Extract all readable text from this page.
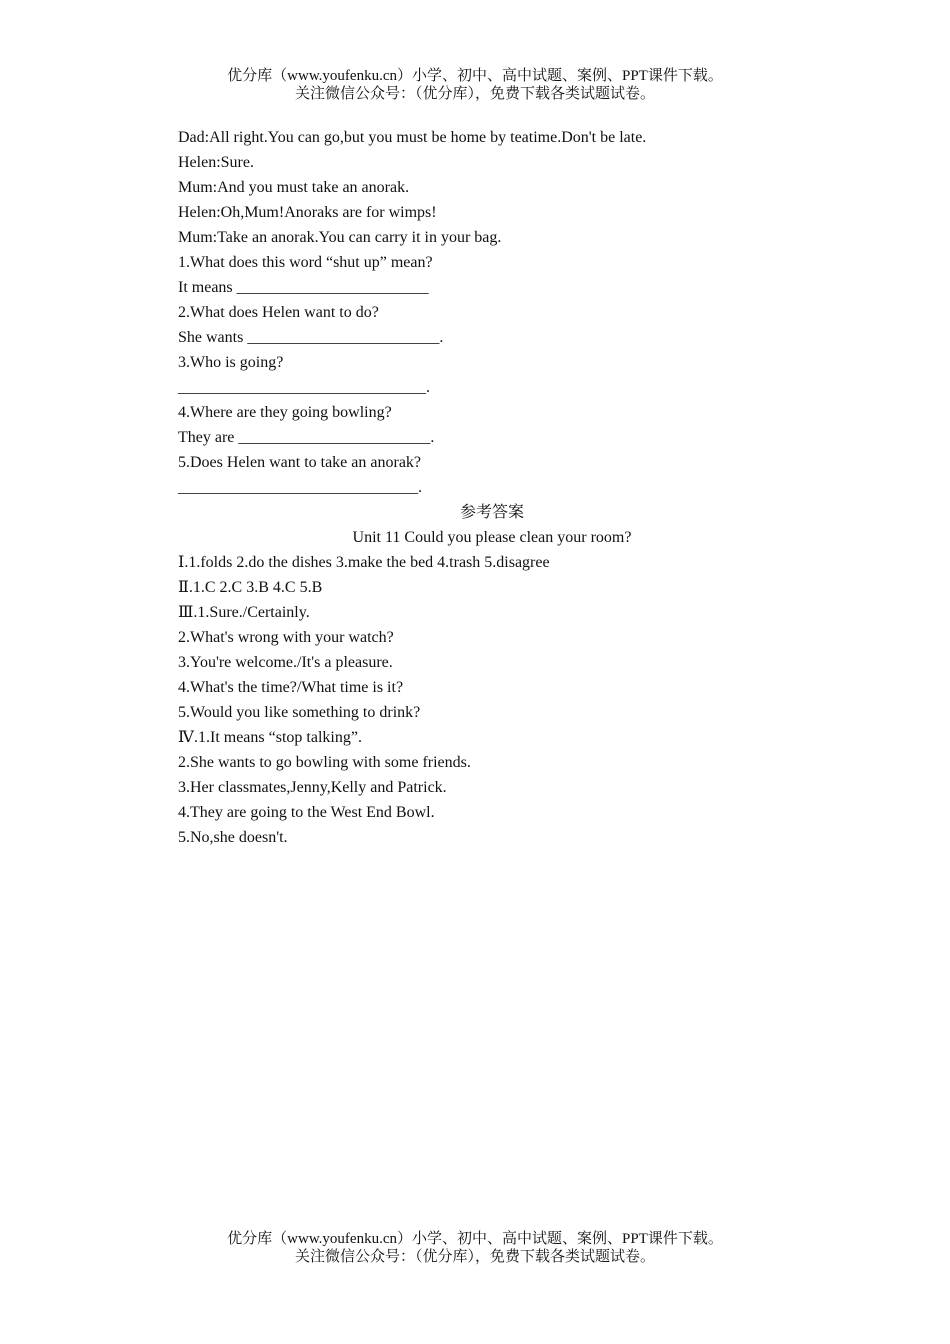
优分库（www.youfenku.cn）小学、初中、高中试题、案例、PPT课件下载。
关注微信公众号：（优分库），免费下载各类试题试卷。
Dad:All right.You can go,but you must be home by teatime.Don't be late.
Helen:Sure.
Mum:And you must take an anorak.
Helen:Oh,Mum!Anoraks are for wimps!
Mum:Take an anorak.You can carry it in your bag.
1.What does this word “shut up” mean?
It means ________________________
2.What does Helen want to do?
She wants ________________________.
3.Who is going?
_______________________________.
4.Where are they going bowling?
They are ________________________.
5.Does Helen want to take an anorak?
______________________________.
参考答案
Unit 11 Could you please clean your room?
Ⅰ.1.folds 2.do the dishes 3.make the bed 4.trash 5.disagree
Ⅱ.1.C 2.C 3.B 4.C 5.B
Ⅲ.1.Sure./Certainly.
2.What's wrong with your watch?
3.You're welcome./It's a pleasure.
4.What's the time?/What time is it?
5.Would you like something to drink?
Ⅳ.1.It means “stop talking”.
2.She wants to go bowling with some friends.
3.Her classmates,Jenny,Kelly and Patrick.
4.They are going to the West End Bowl.
5.No,she doesn't.
优分库（www.youfenku.cn）小学、初中、高中试题、案例、PPT课件下载。
关注微信公众号：（优分库），免费下载各类试题试卷。
